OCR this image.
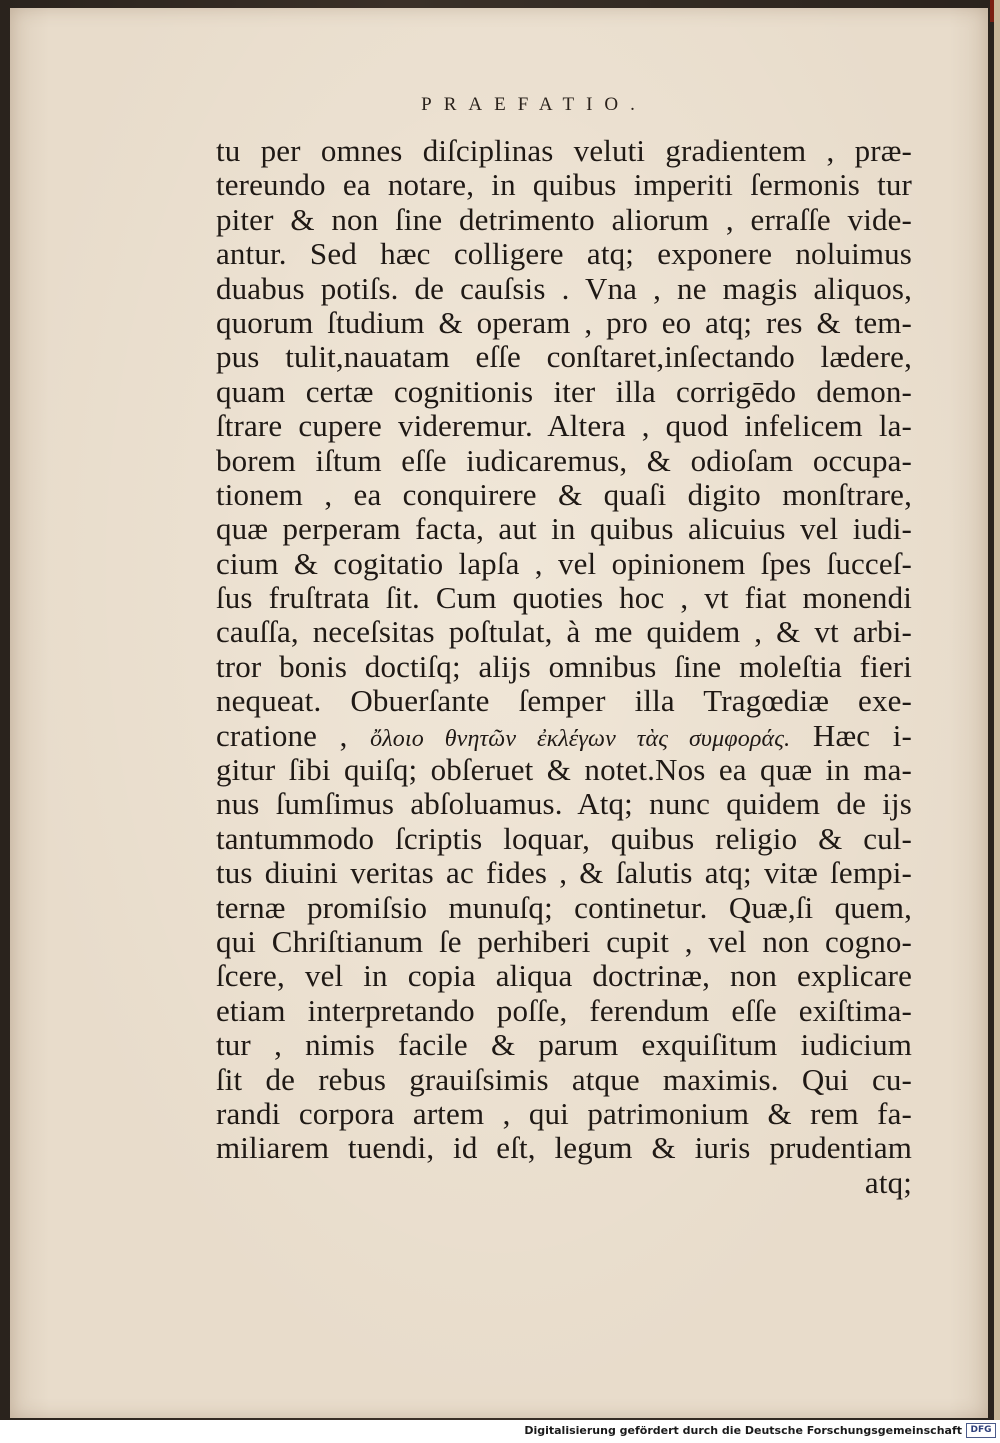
PRAEFATIO.
tu per omnes diſciplinas veluti gradientem , præ-
tereundo ea notare, in quibus imperiti ſermonis tur
piter & non ſine detrimento aliorum , erraſſe vide-
antur. Sed hæc colligere atq; exponere noluimus
duabus potiſs. de cauſsis . Vna , ne magis aliquos,
quorum ſtudium & operam , pro eo atq; res & tem-
pus tulit,nauatam eſſe conſtaret,inſectando lædere,
quam certæ cognitionis iter illa corrigēdo demon-
ſtrare cupere videremur. Altera , quod infelicem la-
borem iſtum eſſe iudicaremus, & odioſam occupa-
tionem , ea conquirere & quaſi digito monſtrare,
quæ perperam facta, aut in quibus alicuius vel iudi-
cium & cogitatio lapſa , vel opinionem ſpes ſucceſ-
ſus fruſtrata ſit. Cum quoties hoc , vt fiat monendi
cauſſa, neceſsitas poſtulat, à me quidem , & vt arbi-
tror bonis doctiſq; alijs omnibus ſine moleſtia fieri
nequeat. Obuerſante ſemper illa Tragœdiæ exe-
cratione , ὄλοιο θνητῶν ἐκλέγων τὰς συμφοράς. Hæc i-
gitur ſibi quiſq; obſeruet & notet.Nos ea quæ in ma-
nus ſumſimus abſoluamus. Atq; nunc quidem de ijs
tantummodo ſcriptis loquar, quibus religio & cul-
tus diuini veritas ac fides , & ſalutis atq; vitæ ſempi-
ternæ promiſsio munuſq; continetur. Quæ,ſi quem,
qui Chriſtianum ſe perhiberi cupit , vel non cogno-
ſcere, vel in copia aliqua doctrinæ, non explicare
etiam interpretando poſſe, ferendum eſſe exiſtima-
tur , nimis facile & parum exquiſitum iudicium
ſit de rebus grauiſsimis atque maximis. Qui cu-
randi corpora artem , qui patrimonium & rem fa-
miliarem tuendi, id eſt, legum & iuris prudentiam
atq;
Digitalisierung gefördert durch die Deutsche Forschungsgemeinschaft DFG
